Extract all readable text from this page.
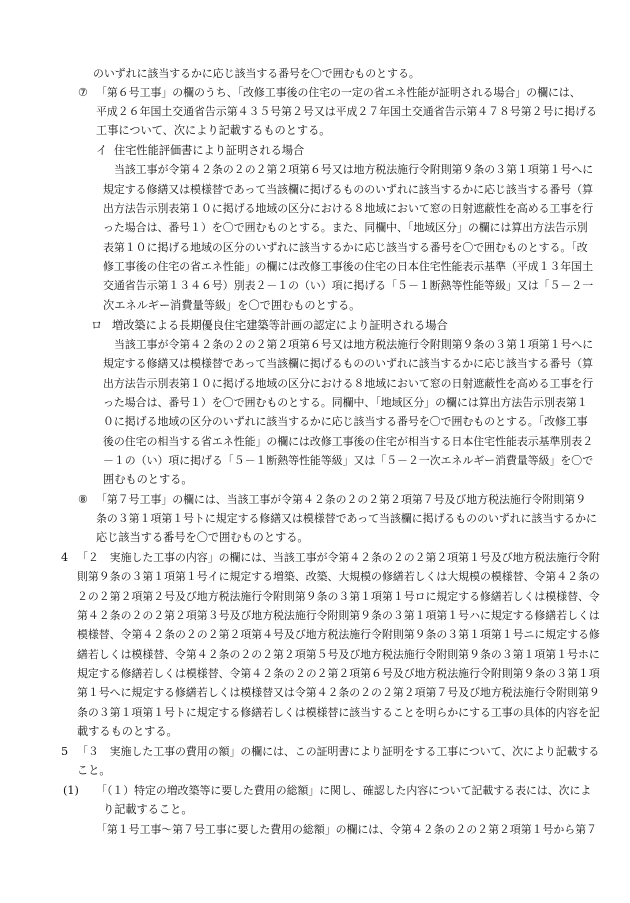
のいずれに該当するかに応じ該当する番号を〇で囲むものとする。
⑦ 「第６号工事」の欄のうち、「改修工事後の住宅の一定の省エネ性能が証明される場合」の欄には、
平成２６年国土交通省告示第４３５号第２号又は平成２７年国土交通省告示第４７８号第２号に掲げる
工事について、次により記載するものとする。
イ 住宅性能評価書により証明される場合
当該工事が令第４２条の２の２第２項第６号又は地方税法施行令附則第９条の３第１項第１号へに
規定する修繕又は模様替であって当該欄に掲げるもののいずれに該当するかに応じ該当する番号（算
出方法告示別表第１０に掲げる地域の区分における８地域において窓の日射遮蔽性を高める工事を行
った場合は、番号１）を〇で囲むものとする。また、同欄中、「地域区分」の欄には算出方法告示別
表第１０に掲げる地域の区分のいずれに該当するかに応じ該当する番号を〇で囲むものとする。「改
修工事後の住宅の省エネ性能」の欄には改修工事後の住宅の日本住宅性能表示基準（平成１３年国土
交通省告示第１３４６号）別表２－１の（い）項に掲げる「５－１断熱等性能等級」又は「５－２一
次エネルギー消費量等級」を〇で囲むものとする。
ロ 増改築による長期優良住宅建築等計画の認定により証明される場合
当該工事が令第４２条の２の２第２項第６号又は地方税法施行令附則第９条の３第１項第１号へに
規定する修繕又は模様替であって当該欄に掲げるもののいずれに該当するかに応じ該当する番号（算
出方法告示別表第１０に掲げる地域の区分における８地域において窓の日射遮蔽性を高める工事を行
った場合は、番号１）を〇で囲むものとする。同欄中、「地域区分」の欄には算出方法告示別表第１
０に掲げる地域の区分のいずれに該当するかに応じ該当する番号を〇で囲むものとする。「改修工事
後の住宅の相当する省エネ性能」の欄には改修工事後の住宅が相当する日本住宅性能表示基準別表２
－１の（い）項に掲げる「５－１断熱等性能等級」又は「５－２一次エネルギー消費量等級」を〇で
囲むものとする。
⑧ 「第７号工事」の欄には、当該工事が令第４２条の２の２第２項第７号及び地方税法施行令附則第９
条の３第１項第１号トに規定する修繕又は模様替であって当該欄に掲げるもののいずれに該当するかに
応じ該当する番号を〇で囲むものとする。
4 「２　実施した工事の内容」の欄には、当該工事が令第４２条の２の２第２項第１号及び地方税法施行令附
則第９条の３第１項第１号イに規定する増築、改築、大規模の修繕若しくは大規模の模様替、令第４２条の
２の２第２項第２号及び地方税法施行令附則第９条の３第１項第１号ロに規定する修繕若しくは模様替、令
第４２条の２の２第２項第３号及び地方税法施行令附則第９条の３第１項第１号ハに規定する修繕若しくは
模様替、令第４２条の２の２第２項第４号及び地方税法施行令附則第９条の３第１項第１号ニに規定する修
繕若しくは模様替、令第４２条の２の２第２項第５号及び地方税法施行令附則第９条の３第１項第１号ホに
規定する修繕若しくは模様替、令第４２条の２の２第２項第６号及び地方税法施行令附則第９条の３第１項
第１号へに規定する修繕若しくは模様替又は令第４２条の２の２第２項第７号及び地方税法施行令附則第９
条の３第１項第１号トに規定する修繕若しくは模様替に該当することを明らかにする工事の具体的内容を記
載するものとする。
5 「３　実施した工事の費用の額」の欄には、この証明書により証明をする工事について、次により記載する
こと。
(1) 「（１）特定の増改築等に要した費用の総額」に関し、確認した内容について記載する表には、次によ
り記載すること。
「第１号工事～第７号工事に要した費用の総額」の欄には、令第４２条の２の２第２項第１号から第７
